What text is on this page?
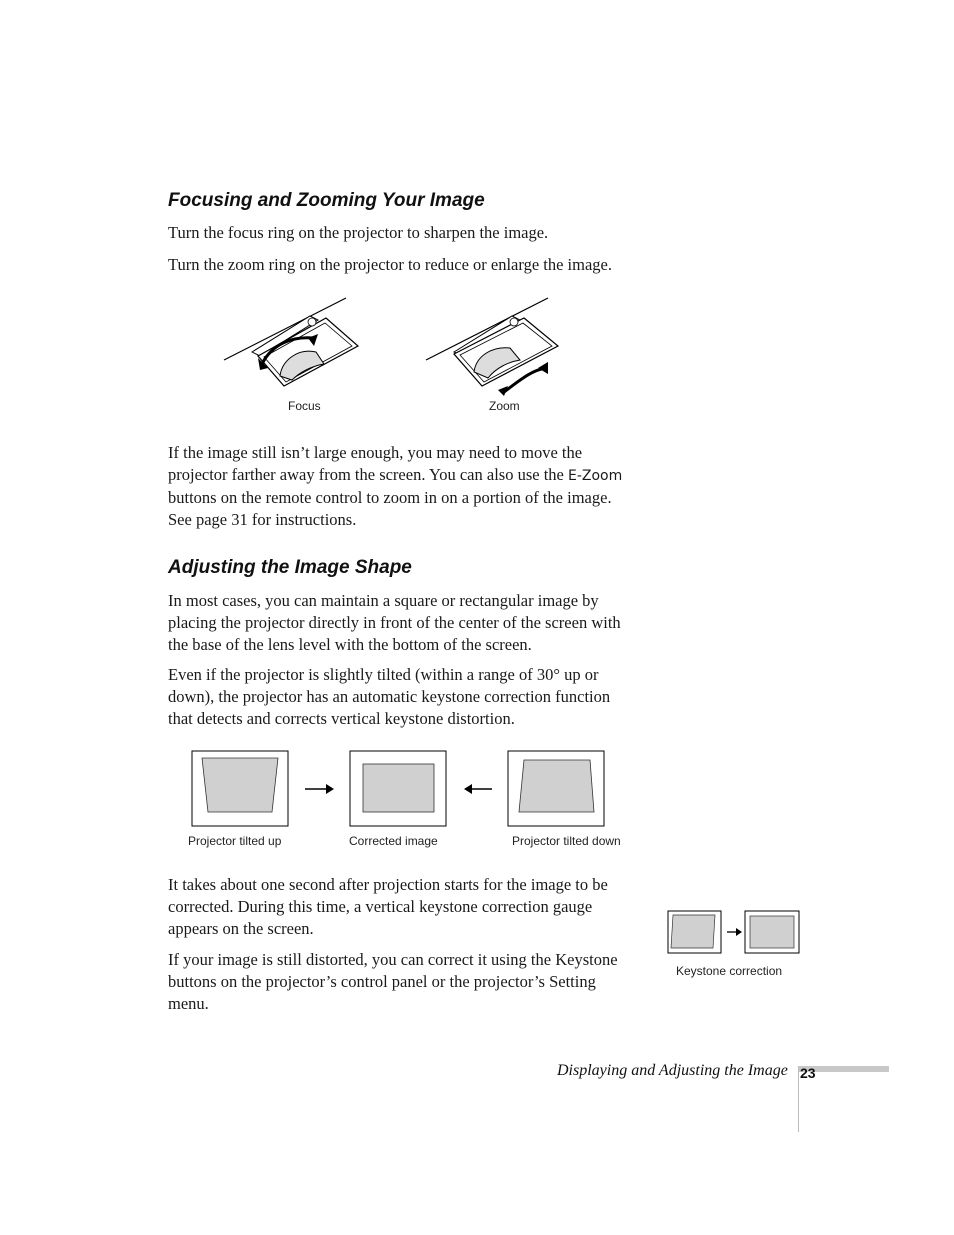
Focusing and Zooming Your Image

Turn the focus ring on the projector to sharpen the image.

Turn the zoom ring on the projector to reduce or enlarge the image.

Focus	Zoom

If the image still isn’t large enough, you may need to move the projector farther away from the screen. You can also use the E-Zoom buttons on the remote control to zoom in on a portion of the image. See page 31 for instructions.

Adjusting the Image Shape

In most cases, you can maintain a square or rectangular image by placing the projector directly in front of the center of the screen with the base of the lens level with the bottom of the screen.

Even if the projector is slightly tilted (within a range of 30° up or down), the projector has an automatic keystone correction function that detects and corrects vertical keystone distortion.

Projector tilted up	Corrected image	Projector tilted down

It takes about one second after projection starts for the image to be corrected. During this time, a vertical keystone correction gauge appears on the screen.

If your image is still distorted, you can correct it using the Keystone buttons on the projector’s control panel or the projector’s Setting menu.

Keystone correction
Displaying and Adjusting the Image 23
